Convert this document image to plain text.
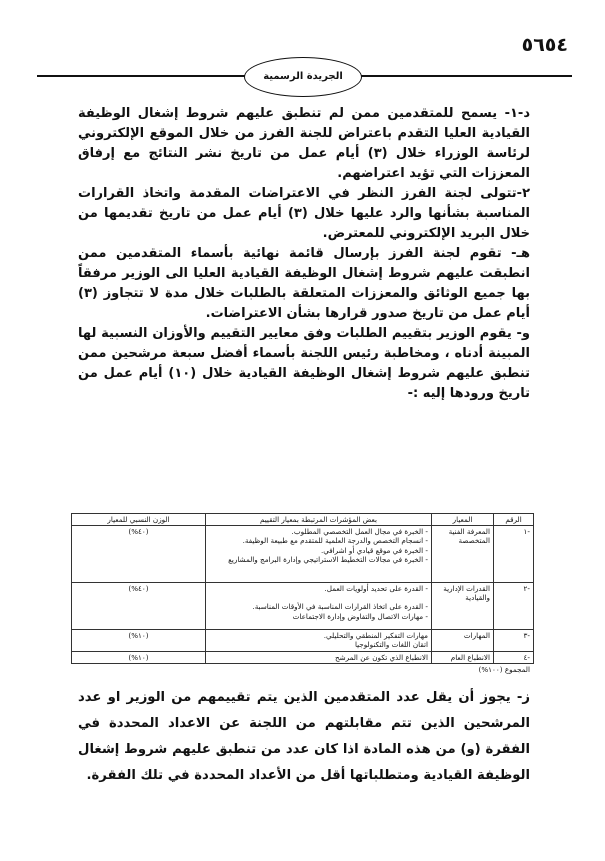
٥٦٥٤
الجريدة الرسمية

د-١- يسمح للمتقدمين ممن لم تنطبق عليهم شروط إشغال الوظيفة القيادية العليا التقدم باعتراض للجنة الفرز من خلال الموقع الإلكتروني لرئاسة الوزراء خلال (٣) أيام عمل من تاريخ نشر النتائج مع إرفاق المعززات التي تؤيد اعتراضهم.

٢-تتولى لجنة الفرز النظر في الاعتراضات المقدمة واتخاذ القرارات المناسبة بشأنها والرد عليها خلال (٣) أيام عمل من تاريخ تقديمها من خلال البريد الإلكتروني للمعترض.

هـ- تقوم لجنة الفرز بإرسال قائمة نهائية بأسماء المتقدمين ممن انطبقت عليهم شروط إشغال الوظيفة القيادية العليا الى الوزير مرفقاً بها جميع الوثائق والمعززات المتعلقة بالطلبات خلال مدة لا تتجاوز (٣) أيام عمل من تاريخ صدور قرارها بشأن الاعتراضات.

و- يقوم الوزير بتقييم الطلبات وفق معايير التقييم والأوزان النسبية لها المبينة أدناه ، ومخاطبة رئيس اللجنة بأسماء أفضل سبعة مرشحين ممن تنطبق عليهم شروط إشغال الوظيفة القيادية خلال (١٠) أيام عمل من تاريخ ورودها إليه :-

الرقم	المعيار	بعض المؤشرات المرتبطة بمعيار التقييم	الوزن النسبي للمعيار
-١	المعرفة الفنية المتخصصة	- الخبرة في مجال العمل التخصصي المطلوب.
- انسجام التخصص والدرجة العلمية للمتقدم مع طبيعة الوظيفة.
- الخبرة في موقع قيادي أو اشرافي.
- الخبرة في مجالات التخطيط الاستراتيجي وإدارة البرامج والمشاريع	(٤٠%)
-٢	القدرات الإدارية والقيادية	- القدرة على تحديد أولويات العمل.
- القدرة على اتخاذ القرارات المناسبة في الأوقات المناسبة.
- مهارات الاتصال والتفاوض وإدارة الاجتماعات	(٤٠%)
-٣	المهارات	مهارات التفكير المنطقي والتحليلي.
اتقان اللغات والتكنولوجيا	(١٠%)
-٤	الانطباع العام	الانطباع الذي تكون عن المرشح	(١٠%)
المجموع (١٠٠%)

ز- يجوز أن يقل عدد المتقدمين الذين يتم تقييمهم من الوزير او عدد المرشحين الذين تتم مقابلتهم من اللجنة عن الاعداد المحددة في الفقرة (و) من هذه المادة اذا كان عدد من تنطبق عليهم شروط إشغال الوظيفة القيادية ومتطلباتها أقل من الأعداد المحددة في تلك الفقرة.
